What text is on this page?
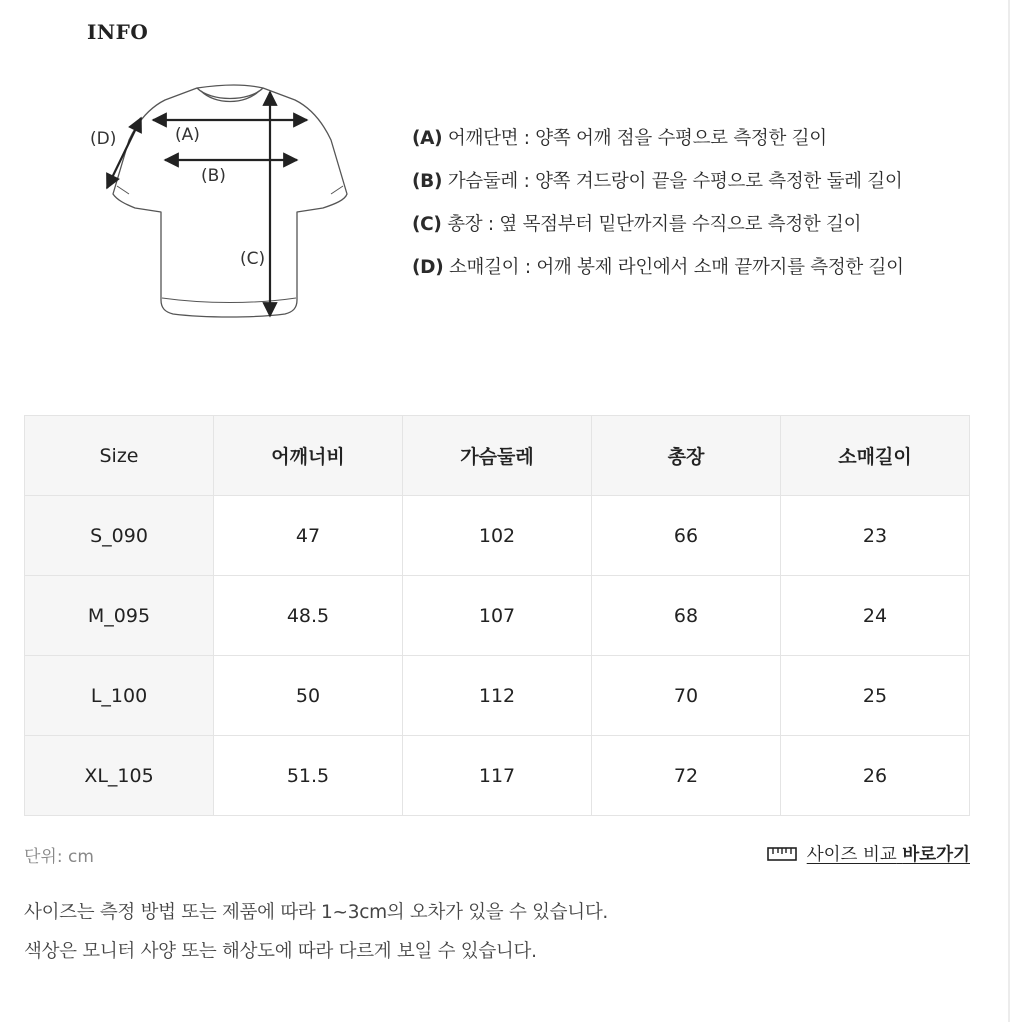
INFO
(A)
(B)
(C)
(D)	(A) 어깨단면 : 양쪽 어깨 점을 수평으로 측정한 길이
(B) 가슴둘레 : 양쪽 겨드랑이 끝을 수평으로 측정한 둘레 길이
(C) 총장 : 옆 목점부터 밑단까지를 수직으로 측정한 길이
(D) 소매길이 : 어깨 봉제 라인에서 소매 끝까지를 측정한 길이
Size	어깨너비	가슴둘레	총장	소매길이
S_090	47	102	66	23
M_095	48.5	107	68	24
L_100	50	112	70	25
XL_105	51.5	117	72	26
단위: cm	사이즈 비교 바로가기

사이즈는 측정 방법 또는 제품에 따라 1~3cm의 오차가 있을 수 있습니다.

색상은 모니터 사양 또는 해상도에 따라 다르게 보일 수 있습니다.
